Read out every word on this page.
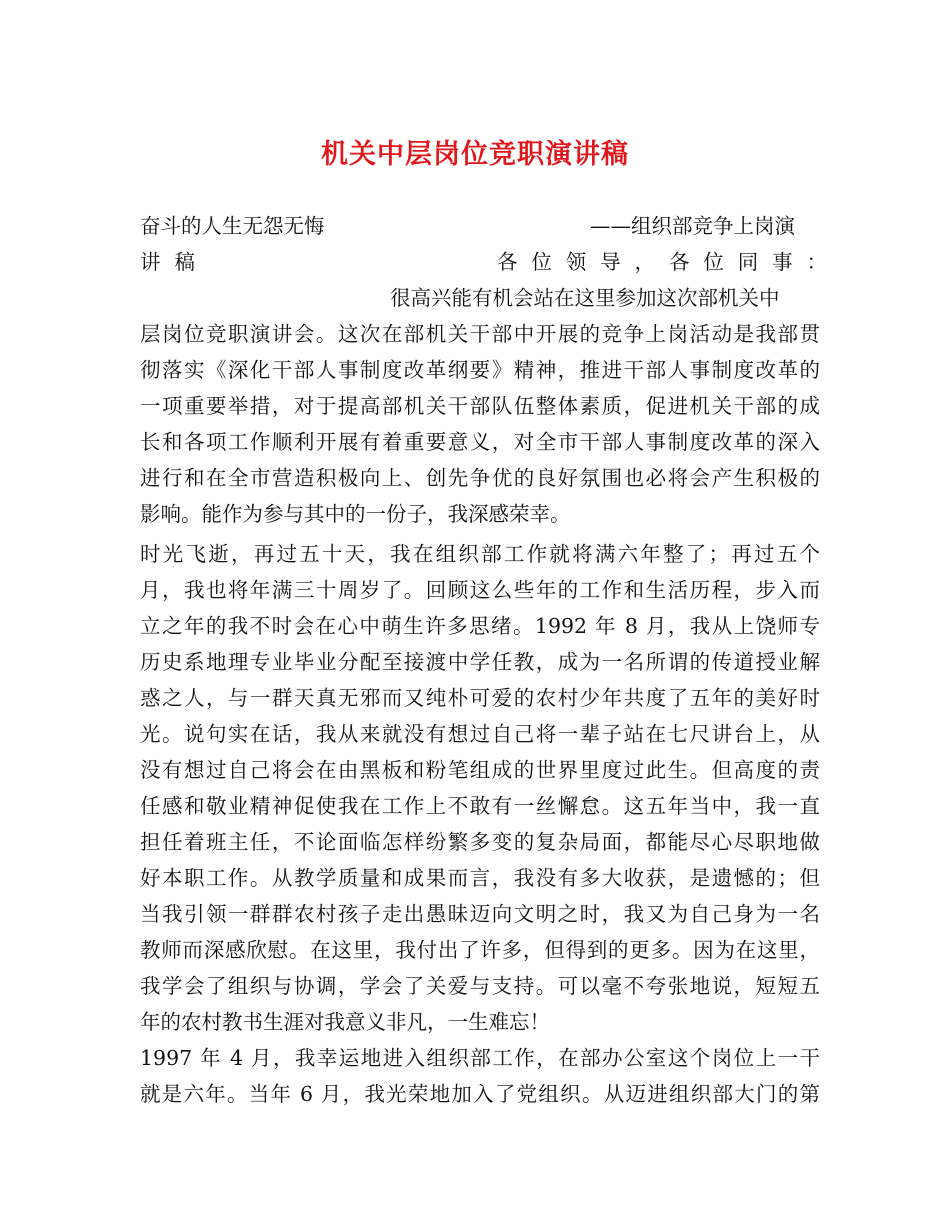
机关中层岗位竞职演讲稿
奋斗的人生无怨无悔	——组织部竞争上岗演
讲稿	各 位 领 导 ， 各 位 同 事 ：
很高兴能有机会站在这里参加这次部机关中
层岗位竞职演讲会。这次在部机关干部中开展的竞争上岗活动是我部贯
彻落实《深化干部人事制度改革纲要》精神，推进干部人事制度改革的
一项重要举措，对于提高部机关干部队伍整体素质，促进机关干部的成
长和各项工作顺利开展有着重要意义，对全市干部人事制度改革的深入
进行和在全市营造积极向上、创先争优的良好氛围也必将会产生积极的
影响。能作为参与其中的一份子，我深感荣幸。
时光飞逝，再过五十天，我在组织部工作就将满六年整了；再过五个
月，我也将年满三十周岁了。回顾这么些年的工作和生活历程，步入而
立之年的我不时会在心中萌生许多思绪。1992 年 8 月，我从上饶师专
历史系地理专业毕业分配至接渡中学任教，成为一名所谓的传道授业解
惑之人，与一群天真无邪而又纯朴可爱的农村少年共度了五年的美好时
光。说句实在话，我从来就没有想过自己将一辈子站在七尺讲台上，从
没有想过自己将会在由黑板和粉笔组成的世界里度过此生。但高度的责
任感和敬业精神促使我在工作上不敢有一丝懈怠。这五年当中，我一直
担任着班主任，不论面临怎样纷繁多变的复杂局面，都能尽心尽职地做
好本职工作。从教学质量和成果而言，我没有多大收获，是遗憾的；但
当我引领一群群农村孩子走出愚昧迈向文明之时，我又为自己身为一名
教师而深感欣慰。在这里，我付出了许多，但得到的更多。因为在这里，
我学会了组织与协调，学会了关爱与支持。可以毫不夸张地说，短短五
年的农村教书生涯对我意义非凡，一生难忘！
1997 年 4 月，我幸运地进入组织部工作，在部办公室这个岗位上一干
就是六年。当年 6 月，我光荣地加入了党组织。从迈进组织部大门的第
